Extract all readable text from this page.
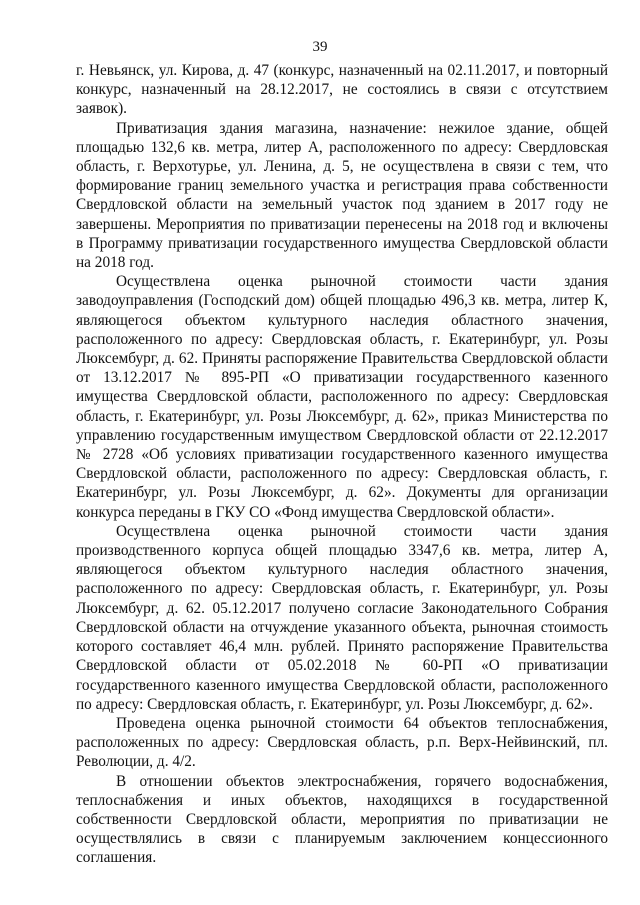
39

г. Невьянск, ул. Кирова, д. 47 (конкурс, назначенный на 02.11.2017, и повторный конкурс, назначенный на 28.12.2017, не состоялись в связи с отсутствием заявок).

Приватизация здания магазина, назначение: нежилое здание, общей площадью 132,6 кв. метра, литер А, расположенного по адресу: Свердловская область, г. Верхотурье, ул. Ленина, д. 5, не осуществлена в связи с тем, что формирование границ земельного участка и регистрация права собственности Свердловской области на земельный участок под зданием в 2017 году не завершены. Мероприятия по приватизации перенесены на 2018 год и включены в Программу приватизации государственного имущества Свердловской области на 2018 год.

Осуществлена оценка рыночной стоимости части здания заводоуправления (Господский дом) общей площадью 496,3 кв. метра, литер К, являющегося объектом культурного наследия областного значения, расположенного по адресу: Свердловская область, г. Екатеринбург, ул. Розы Люксембург, д. 62. Приняты распоряжение Правительства Свердловской области от 13.12.2017 № 895-РП «О приватизации государственного казенного имущества Свердловской области, расположенного по адресу: Свердловская область, г. Екатеринбург, ул. Розы Люксембург, д. 62», приказ Министерства по управлению государственным имуществом Свердловской области от 22.12.2017 № 2728 «Об условиях приватизации государственного казенного имущества Свердловской области, расположенного по адресу: Свердловская область, г. Екатеринбург, ул. Розы Люксембург, д. 62». Документы для организации конкурса переданы в ГКУ СО «Фонд имущества Свердловской области».

Осуществлена оценка рыночной стоимости части здания производственного корпуса общей площадью 3347,6 кв. метра, литер А, являющегося объектом культурного наследия областного значения, расположенного по адресу: Свердловская область, г. Екатеринбург, ул. Розы Люксембург, д. 62. 05.12.2017 получено согласие Законодательного Собрания Свердловской области на отчуждение указанного объекта, рыночная стоимость которого составляет 46,4 млн. рублей. Принято распоряжение Правительства Свердловской области от 05.02.2018 № 60-РП «О приватизации государственного казенного имущества Свердловской области, расположенного по адресу: Свердловская область, г. Екатеринбург, ул. Розы Люксембург, д. 62».

Проведена оценка рыночной стоимости 64 объектов теплоснабжения, расположенных по адресу: Свердловская область, р.п. Верх-Нейвинский, пл. Революции, д. 4/2.

В отношении объектов электроснабжения, горячего водоснабжения, теплоснабжения и иных объектов, находящихся в государственной собственности Свердловской области, мероприятия по приватизации не осуществлялись в связи с планируемым заключением концессионного соглашения.
